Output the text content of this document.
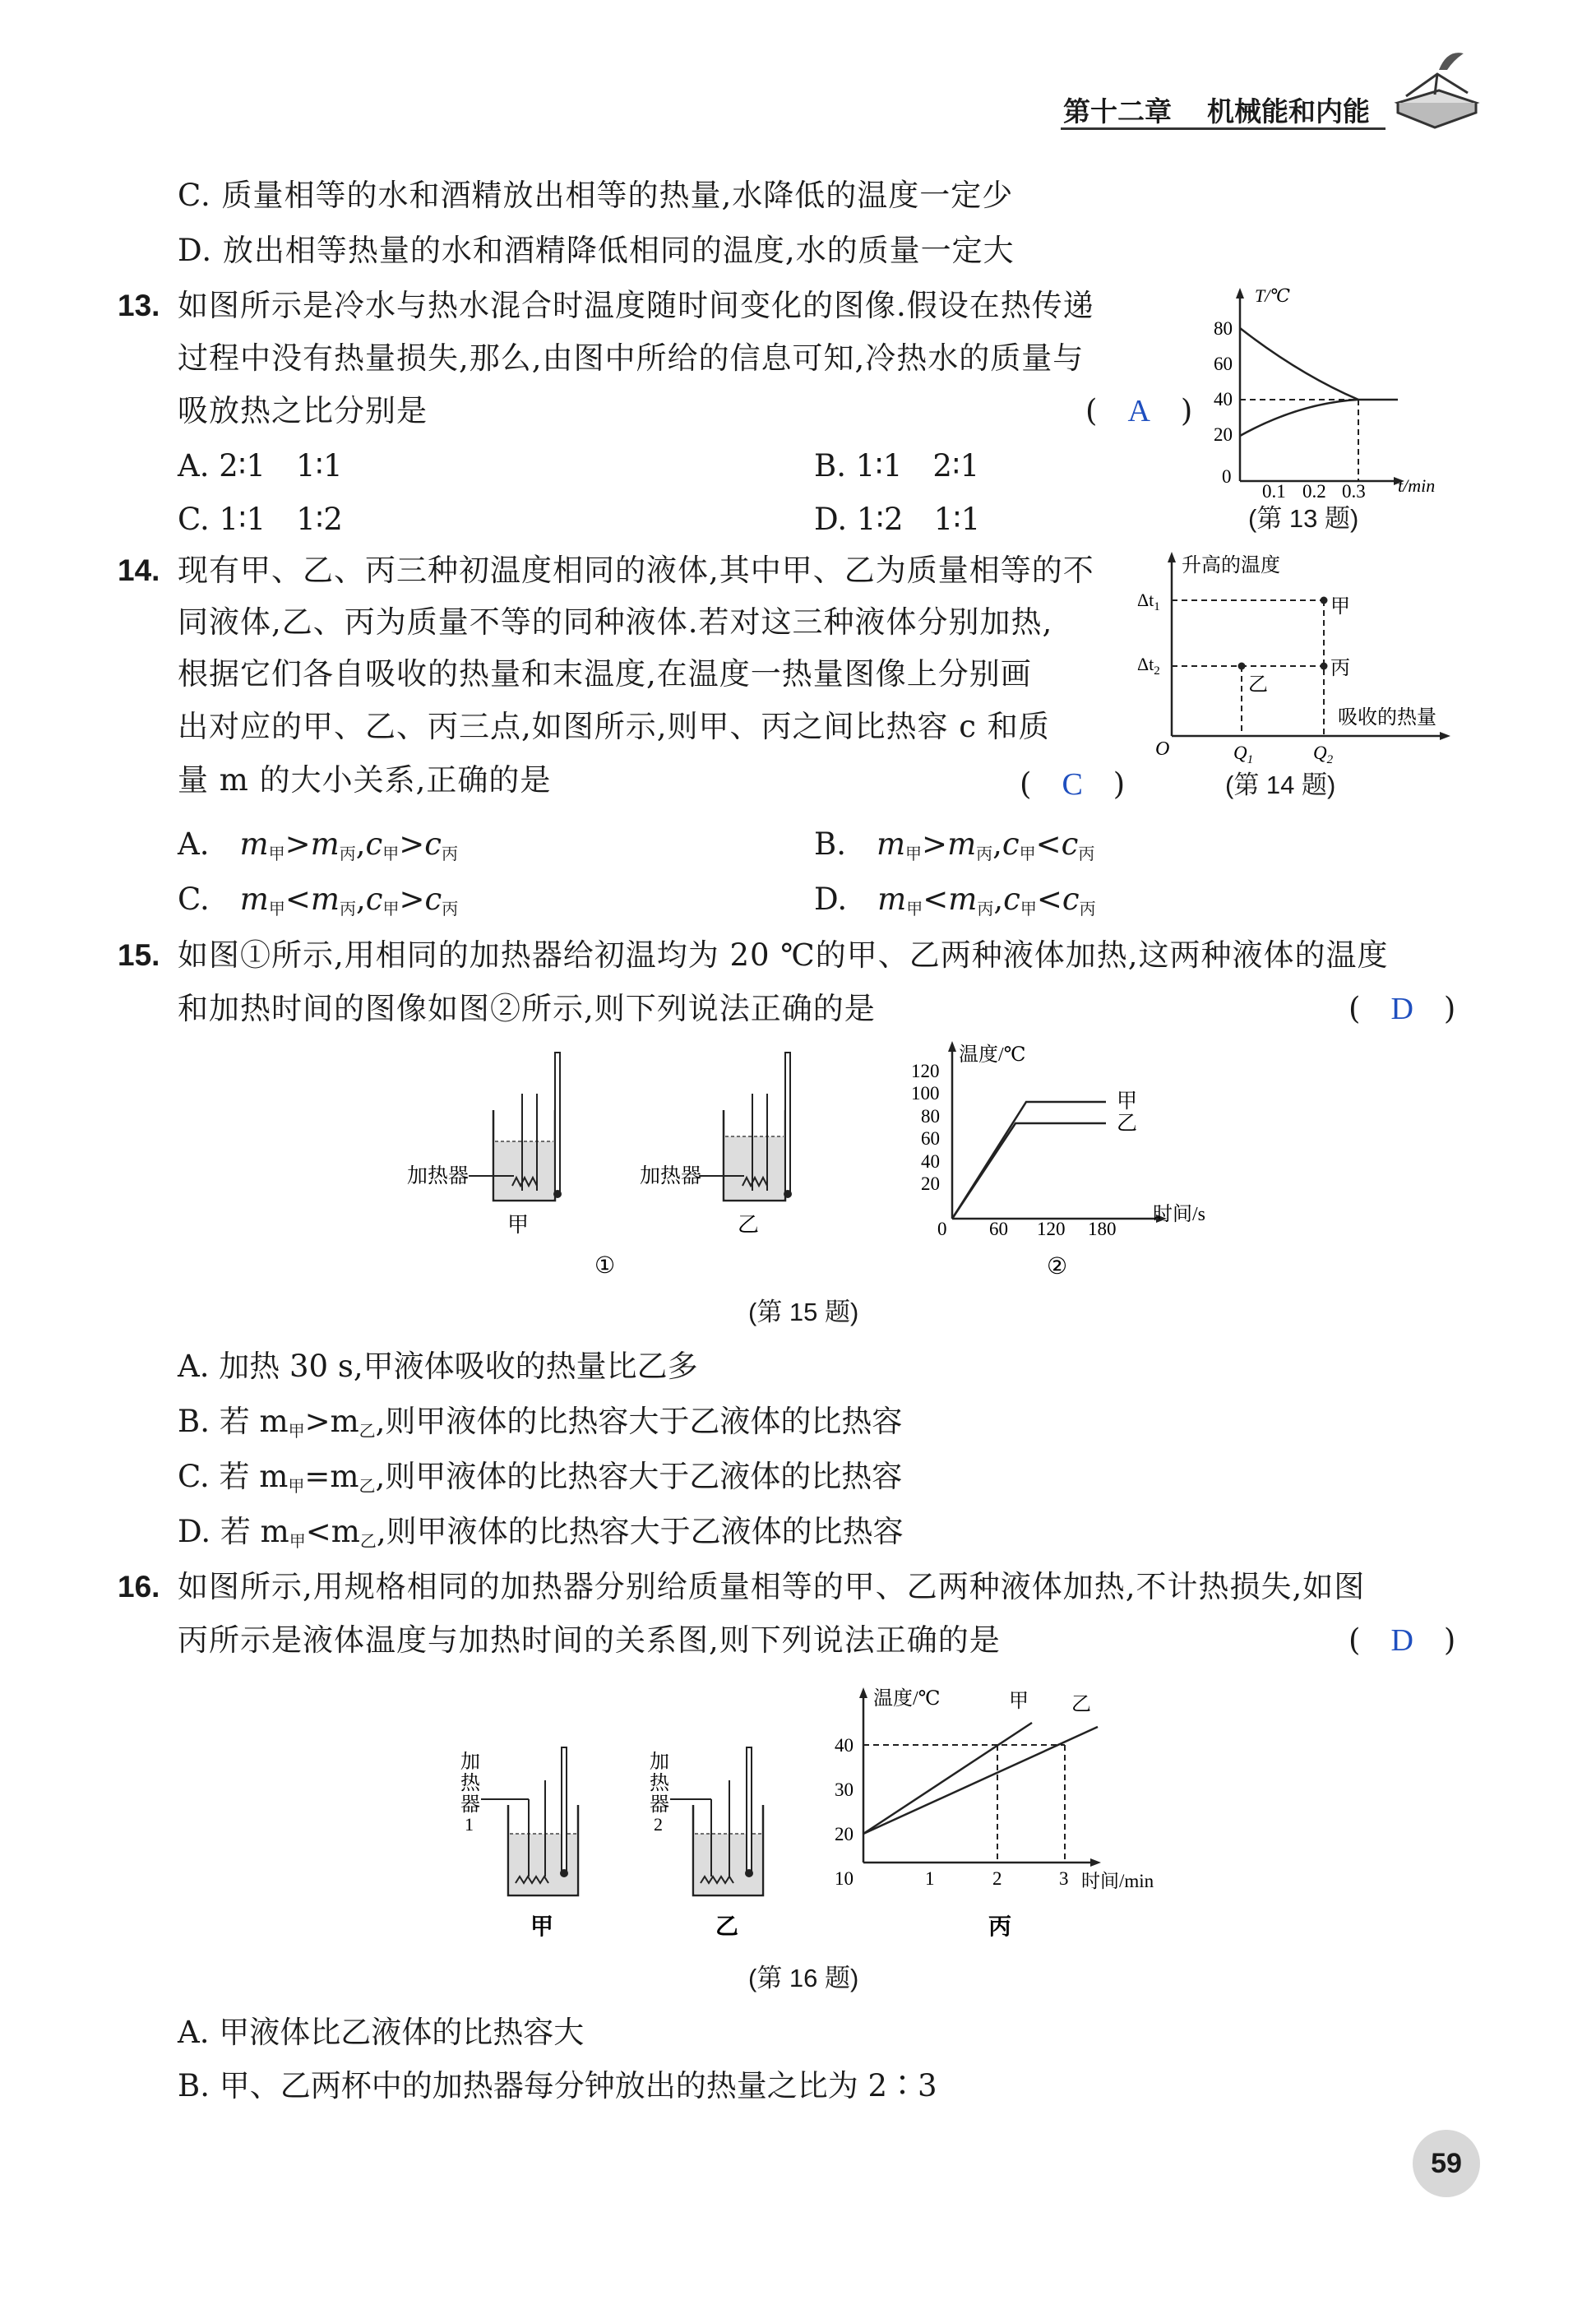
第十二章 机械能和内能
C. 质量相等的水和酒精放出相等的热量,水降低的温度一定少
D. 放出相等热量的水和酒精降低相同的温度,水的质量一定大
13. 如图所示是冷水与热水混合时温度随时间变化的图像.假设在热传递
过程中没有热量损失,那么,由图中所给的信息可知,冷热水的质量与
吸放热之比分别是	(　A　)
A. 2∶1　1∶1	B. 1∶1　2∶1
C. 1∶1　1∶2	D. 1∶2　1∶1
T/℃
t/min
80
60
40
20
0
0.1 0.2 0.3
(第 13 题)
14. 现有甲、乙、丙三种初温度相同的液体,其中甲、乙为质量相等的不
同液体,乙、丙为质量不等的同种液体.若对这三种液体分别加热,
根据它们各自吸收的热量和末温度,在温度一热量图像上分别画
出对应的甲、乙、丙三点,如图所示,则甲、丙之间比热容 c 和质
量 m 的大小关系,正确的是	(　C　)
升高的温度
吸收的热量
$\Delta t_1$
$\Delta t_2$
O	$Q_1$	$Q_2$
甲
丙
乙
(第 14 题)
A.　 $m_甲>m_丙,c_甲>c_丙$	B.　 $m_甲>m_丙,c_甲<c_丙$
C.　 $m_甲<m_丙,c_甲>c_丙$	D.　 $m_甲<m_丙,c_甲<c_丙$
15. 如图①所示,用相同的加热器给初温均为 20 ℃的甲、乙两种液体加热,这两种液体的温度
和加热时间的图像如图②所示,则下列说法正确的是	(　D　)
加热器
甲
加热器
乙
①
温度/℃
时间/s
120
100
80
60
40
20
0 60 120 180
甲
乙
②
(第 15 题)
A. 加热 30 s,甲液体吸收的热量比乙多
B. 若 $m_甲>m_乙$,则甲液体的比热容大于乙液体的比热容
C. 若 $m_甲=m_乙$,则甲液体的比热容大于乙液体的比热容
D. 若 $m_甲<m_乙$,则甲液体的比热容大于乙液体的比热容
16. 如图所示,用规格相同的加热器分别给质量相等的甲、乙两种液体加热,不计热损失,如图
丙所示是液体温度与加热时间的关系图,则下列说法正确的是	(　D　)
加
热
器
1
甲
加
热
器
2
乙
温度/℃
时间/min
40
30
20
10	1	2	3
甲 乙
丙
(第 16 题)
A. 甲液体比乙液体的比热容大
B. 甲、乙两杯中的加热器每分钟放出的热量之比为 2∶3
59
